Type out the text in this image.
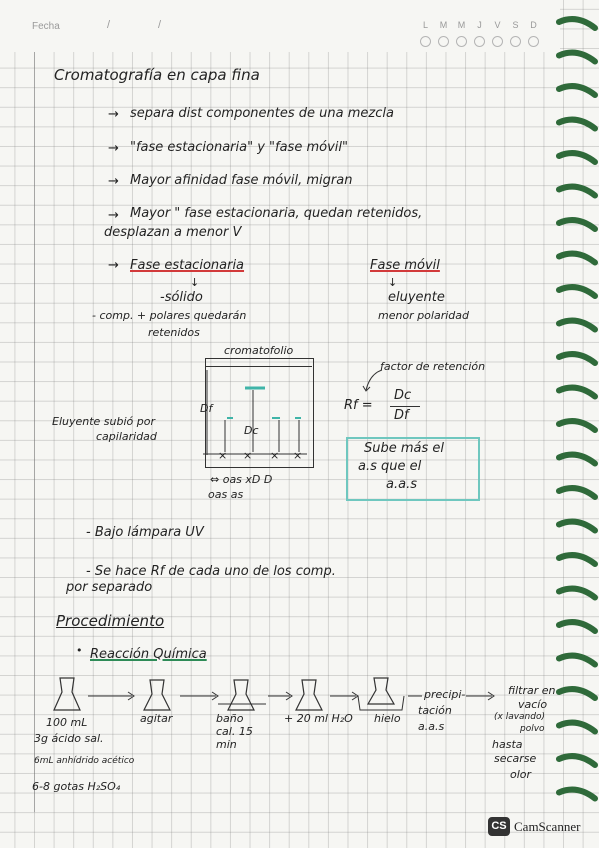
Fecha	/	/	L	M M	J	V S D
Cromatografía en capa fina
→ separa dist componentes de una mezcla
→ "fase estacionaria" y "fase móvil"
→ Mayor afinidad fase móvil, migran
→ Mayor " fase estacionaria, quedan retenidos,
desplazan a menor V
→ Fase estacionaria	Fase móvil
↓	↓
-sólido	eluyente
- comp. + polares quedarán	menor polaridad
retenidos
cromatofolio
Df
Dc
× × × ×
Eluyente subió por
capilaridad
⇔ oas xD D
oas as
factor de retención
Rf =
Dc
Df
Sube más el
a.s que el
a.a.s
- Bajo lámpara UV
- Se hace Rf de cada uno de los comp.
por separado
Procedimiento
• Reacción Química
agitar	baño cal. 15 min
+ 20 ml H₂O hielo
precipi-
tación
a.a.s
filtrar en
vacío
(x lavando)
polvo
hasta
secarse
olor
100 mL
3g ácido sal.
6mL anhídrido acético
6-8 gotas H₂SO₄
CS CamScanner
